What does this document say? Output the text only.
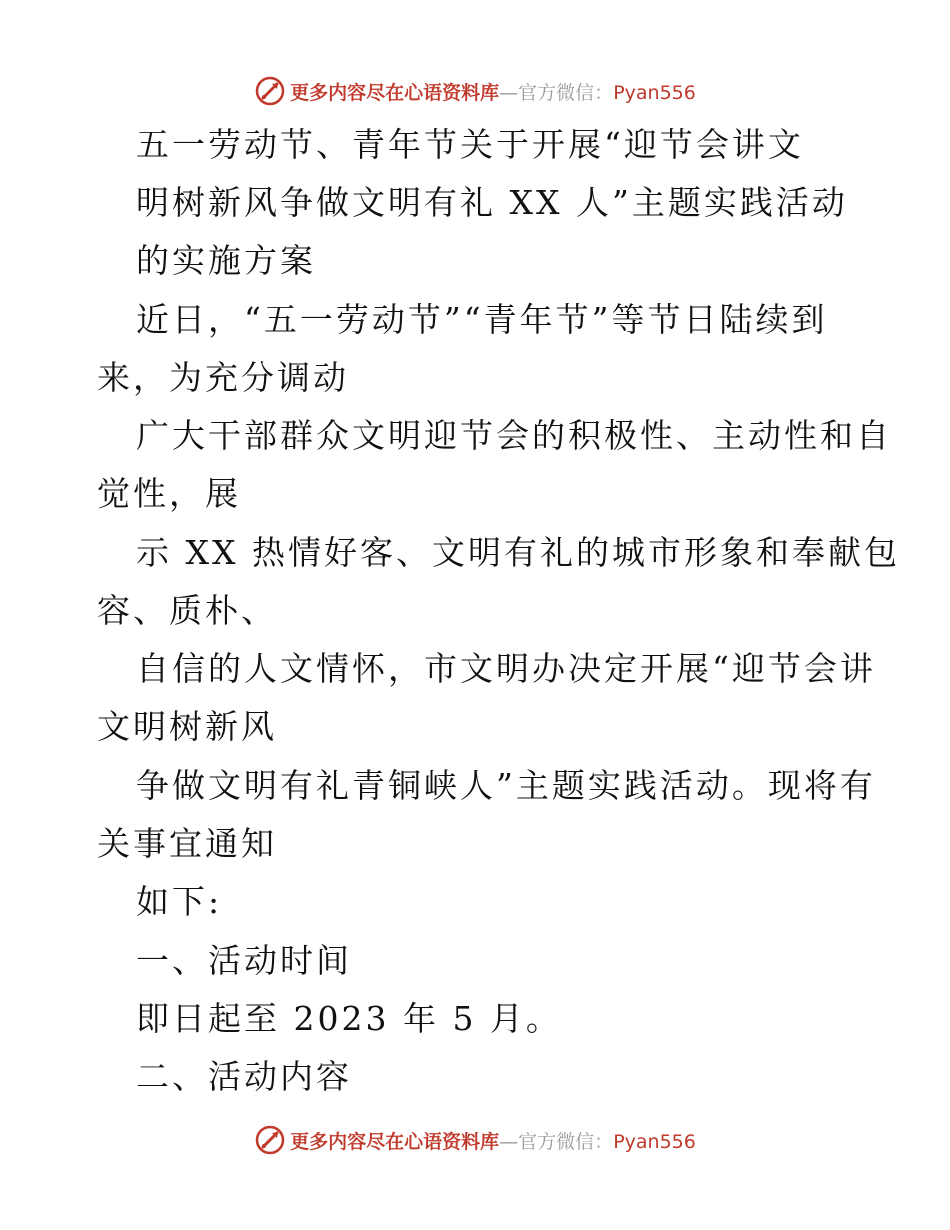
更多内容尽在心语资料库—官方微信：Pyan556
五一劳动节、青年节关于开展“迎节会讲文
明树新风争做文明有礼 XX 人”主题实践活动
的实施方案
近日，“五一劳动节”“青年节”等节日陆续到
来，为充分调动
广大干部群众文明迎节会的积极性、主动性和自
觉性，展
示 XX 热情好客、文明有礼的城市形象和奉献包
容、质朴、
自信的人文情怀，市文明办决定开展“迎节会讲
文明树新风
争做文明有礼青铜峡人”主题实践活动。现将有
关事宜通知
如下:
一、活动时间
即日起至 2023 年 5 月。
二、活动内容
更多内容尽在心语资料库—官方微信：Pyan556
